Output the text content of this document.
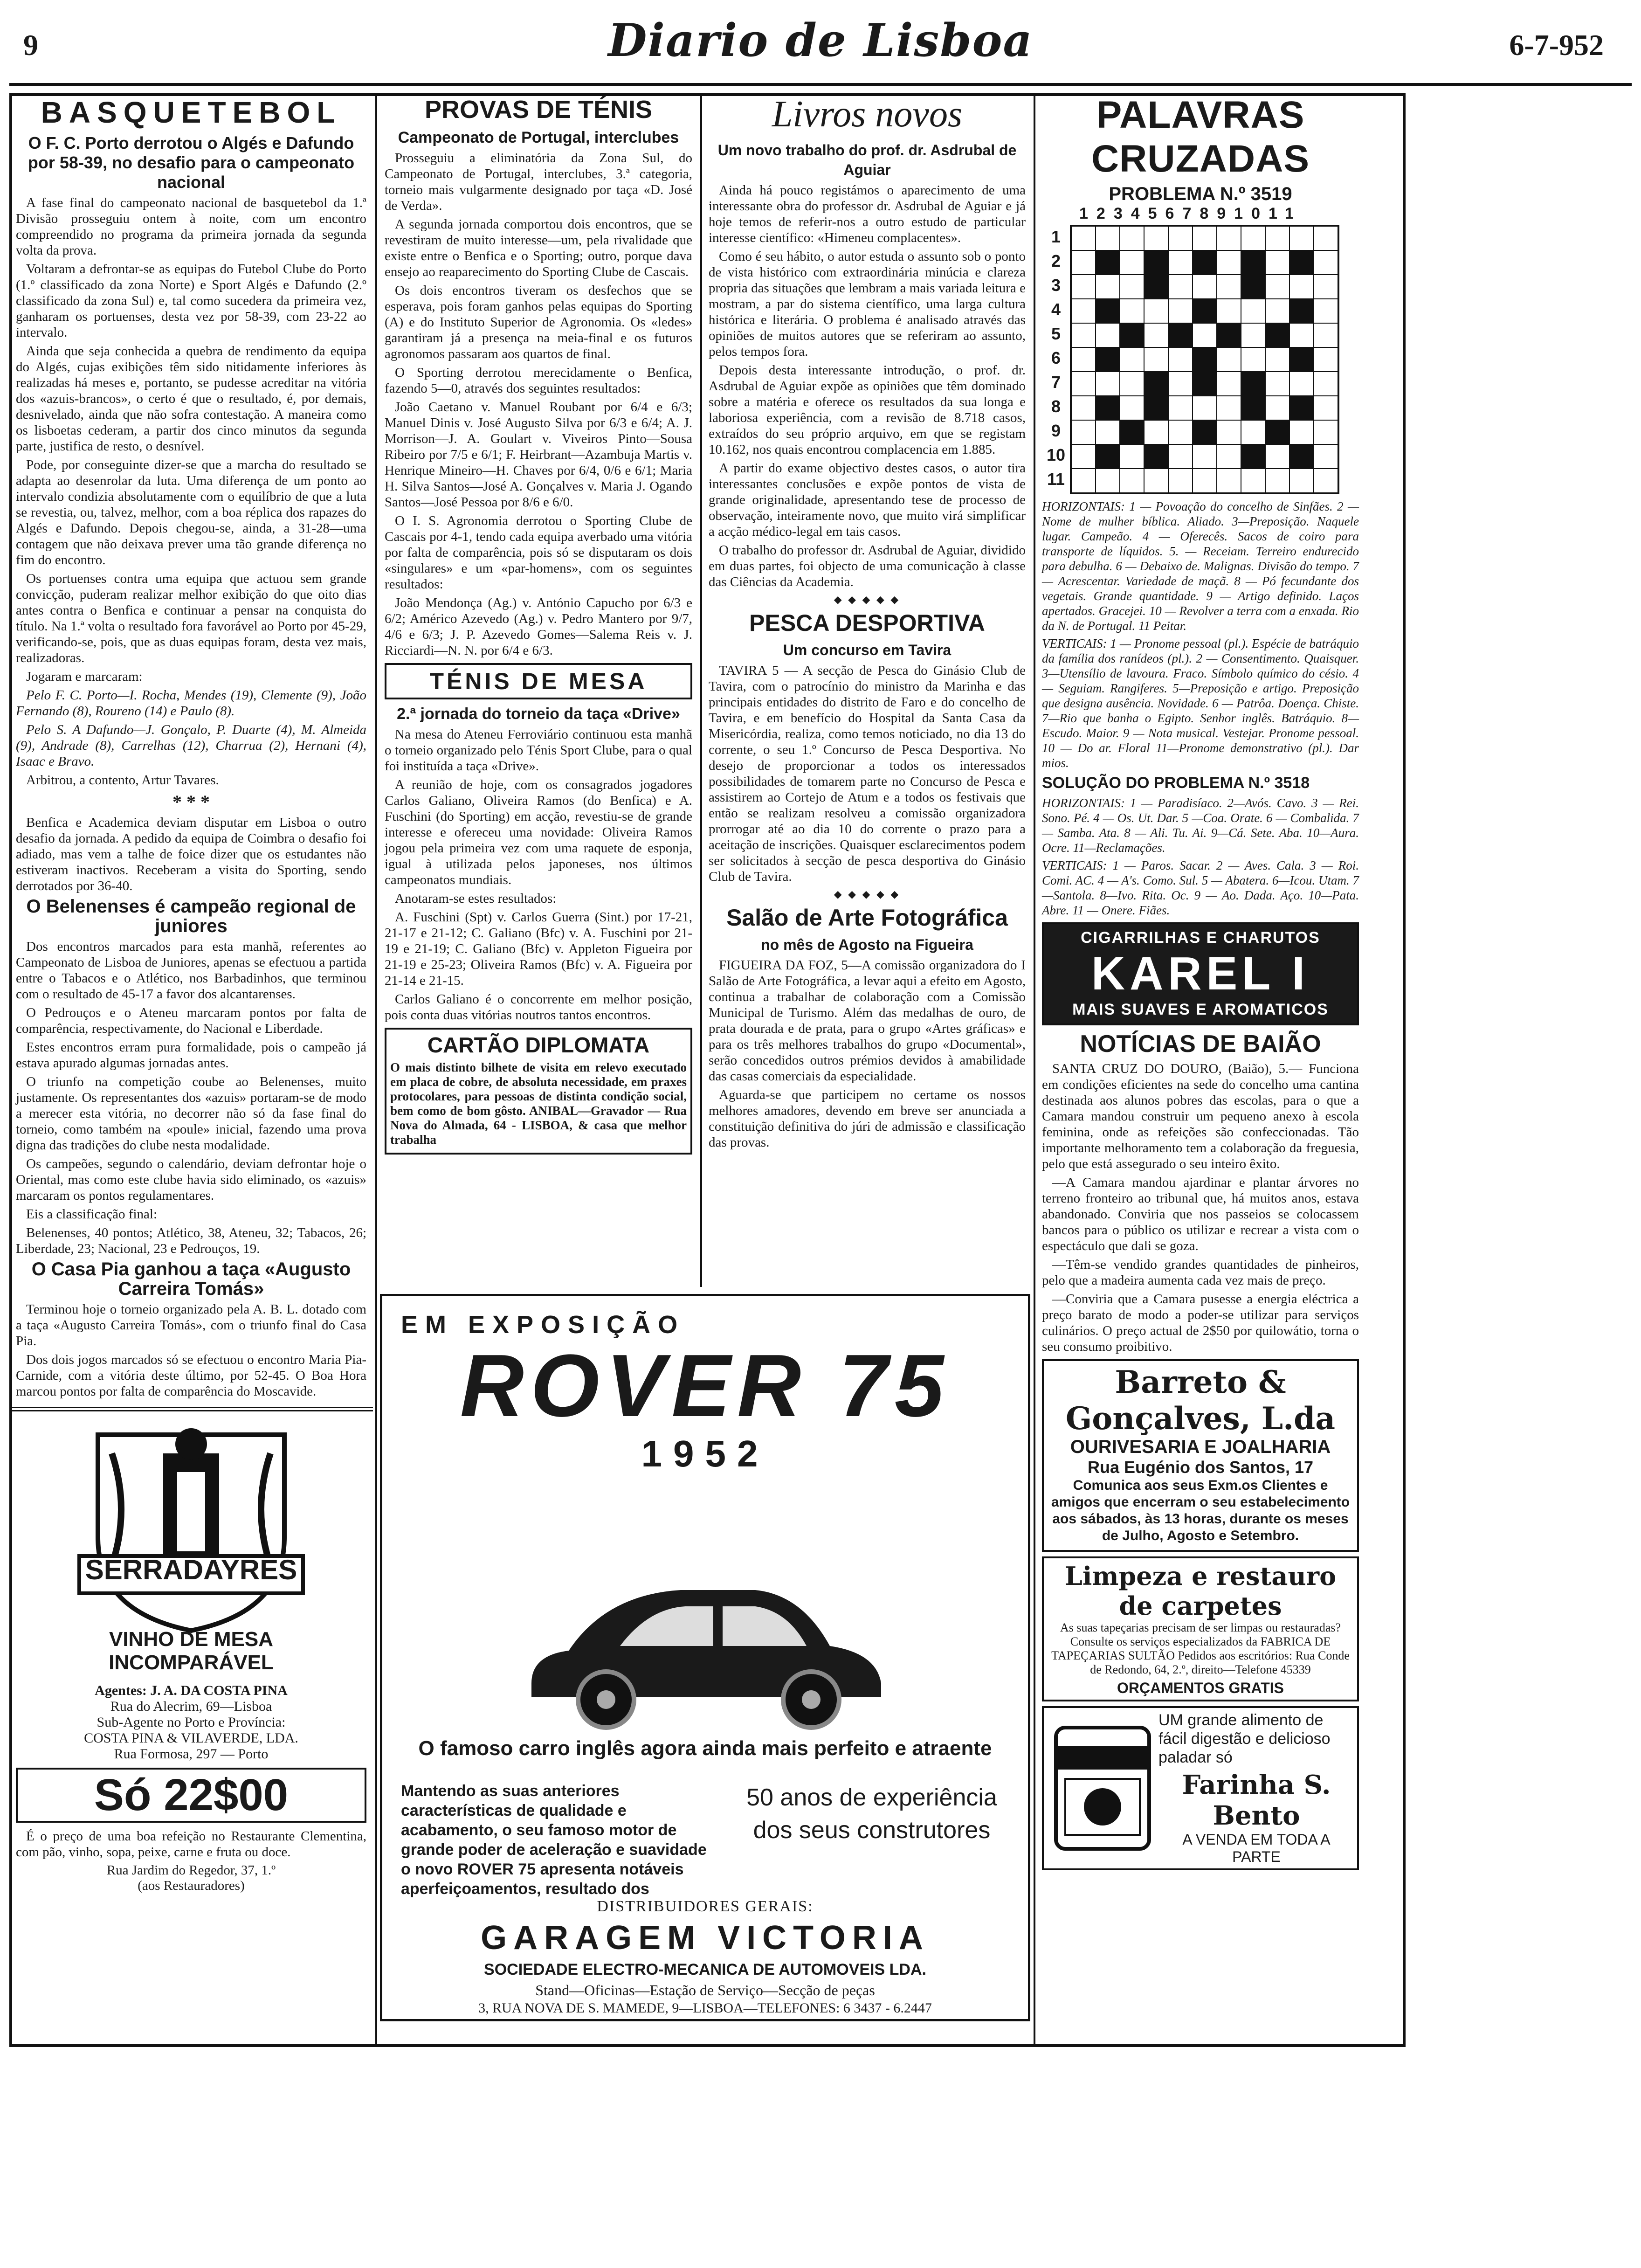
9	Diario de Lisboa	6-7-952
BASQUETEBOL
O F. C. Porto derrotou o Algés e Dafundo por 58-39, no desafio para o campeonato nacional

A fase final do campeonato nacional de basquetebol da 1.ª Divisão prosseguiu ontem à noite, com um encontro compreendido no programa da primeira jornada da segunda volta da prova.

Voltaram a defrontar-se as equipas do Futebol Clube do Porto (1.º classificado da zona Norte) e Sport Algés e Dafundo (2.º classificado da zona Sul) e, tal como sucedera da primeira vez, ganharam os portuenses, desta vez por 58-39, com 23-22 ao intervalo.

Ainda que seja conhecida a quebra de rendimento da equipa do Algés, cujas exibições têm sido nitidamente inferiores às realizadas há meses e, portanto, se pudesse acreditar na vitória dos «azuis-brancos», o certo é que o resultado, é, por demais, desnivelado, ainda que não sofra contestação. A maneira como os lisboetas cederam, a partir dos cinco minutos da segunda parte, justifica de resto, o desnível.

Pode, por conseguinte dizer-se que a marcha do resultado se adapta ao desenrolar da luta. Uma diferença de um ponto ao intervalo condizia absolutamente com o equilíbrio de que a luta se revestia, ou, talvez, melhor, com a boa réplica dos rapazes do Algés e Dafundo. Depois chegou-se, ainda, a 31-28—uma contagem que não deixava prever uma tão grande diferença no fim do encontro.

Os portuenses contra uma equipa que actuou sem grande convicção, puderam realizar melhor exibição do que oito dias antes contra o Benfica e continuar a pensar na conquista do título. Na 1.ª volta o resultado fora favorável ao Porto por 45-29, verificando-se, pois, que as duas equipas foram, desta vez mais, realizadoras.

Jogaram e marcaram:

Pelo F. C. Porto—I. Rocha, Mendes (19), Clemente (9), João Fernando (8), Roureno (14) e Paulo (8).

Pelo S. A Dafundo—J. Gonçalo, P. Duarte (4), M. Almeida (9), Andrade (8), Carrelhas (12), Charrua (2), Hernani (4), Isaac e Bravo.

Arbitrou, a contento, Artur Tavares.

* * *

Benfica e Academica deviam disputar em Lisboa o outro desafio da jornada. A pedido da equipa de Coimbra o desafio foi adiado, mas vem a talhe de foice dizer que os estudantes não estiveram inactivos. Receberam a visita do Sporting, sendo derrotados por 36-40.

O Belenenses é campeão regional de juniores

Dos encontros marcados para esta manhã, referentes ao Campeonato de Lisboa de Juniores, apenas se efectuou a partida entre o Tabacos e o Atlético, nos Barbadinhos, que terminou com o resultado de 45-17 a favor dos alcantarenses.

O Pedrouços e o Ateneu marcaram pontos por falta de comparência, respectivamente, do Nacional e Liberdade.

Estes encontros erram pura formalidade, pois o campeão já estava apurado algumas jornadas antes.

O triunfo na competição coube ao Belenenses, muito justamente. Os representantes dos «azuis» portaram-se de modo a merecer esta vitória, no decorrer não só da fase final do torneio, como também na «poule» inicial, fazendo uma prova digna das tradições do clube nesta modalidade.

Os campeões, segundo o calendário, deviam defrontar hoje o Oriental, mas como este clube havia sido eliminado, os «azuis» marcaram os pontos regulamentares.

Eis a classificação final:

Belenenses, 40 pontos; Atlético, 38, Ateneu, 32; Tabacos, 26; Liberdade, 23; Nacional, 23 e Pedrouços, 19.

O Casa Pia ganhou a taça «Augusto Carreira Tomás»

Terminou hoje o torneio organizado pela A. B. L. dotado com a taça «Augusto Carreira Tomás», com o triunfo final do Casa Pia.

Dos dois jogos marcados só se efectuou o encontro Maria Pia-Carnide, com a vitória deste último, por 52-45. O Boa Hora marcou pontos por falta de comparência do Moscavide.

SERRADAYRES
VINHO DE MESA
INCOMPARÁVEL
Agentes: J. A. DA COSTA PINA
Rua do Alecrim, 69—Lisboa
Sub-Agente no Porto e Província:
COSTA PINA & VILAVERDE, LDA.
Rua Formosa, 297 — Porto
Só 22$00

É o preço de uma boa refeição no Restaurante Clementina, com pão, vinho, sopa, peixe, carne e fruta ou doce.

Rua Jardim do Regedor, 37, 1.º
(aos Restauradores)
PROVAS DE TÉNIS
Campeonato de Portugal, interclubes

Prosseguiu a eliminatória da Zona Sul, do Campeonato de Portugal, interclubes, 3.ª categoria, torneio mais vulgarmente designado por taça «D. José de Verda».

A segunda jornada comportou dois encontros, que se revestiram de muito interesse—um, pela rivalidade que existe entre o Benfica e o Sporting; outro, porque dava ensejo ao reaparecimento do Sporting Clube de Cascais.

Os dois encontros tiveram os desfechos que se esperava, pois foram ganhos pelas equipas do Sporting (A) e do Instituto Superior de Agronomia. Os «ledes» garantiram já a presença na meia-final e os futuros agronomos passaram aos quartos de final.

O Sporting derrotou merecidamente o Benfica, fazendo 5—0, através dos seguintes resultados:

João Caetano v. Manuel Roubant por 6/4 e 6/3; Manuel Dinis v. José Augusto Silva por 6/3 e 6/4; A. J. Morrison—J. A. Goulart v. Viveiros Pinto—Sousa Ribeiro por 7/5 e 6/1; F. Heirbrant—Azambuja Martis v. Henrique Mineiro—H. Chaves por 6/4, 0/6 e 6/1; Maria H. Silva Santos—José A. Gonçalves v. Maria J. Ogando Santos—José Pessoa por 8/6 e 6/0.

O I. S. Agronomia derrotou o Sporting Clube de Cascais por 4-1, tendo cada equipa averbado uma vitória por falta de comparência, pois só se disputaram os dois «singulares» e um «par-homens», com os seguintes resultados:

João Mendonça (Ag.) v. António Capucho por 6/3 e 6/2; Américo Azevedo (Ag.) v. Pedro Mantero por 9/7, 4/6 e 6/3; J. P. Azevedo Gomes—Salema Reis v. J. Ricciardi—N. N. por 6/4 e 6/3.

TÉNIS DE MESA
2.ª jornada do torneio da taça «Drive»

Na mesa do Ateneu Ferroviário continuou esta manhã o torneio organizado pelo Ténis Sport Clube, para o qual foi instituída a taça «Drive».

A reunião de hoje, com os consagrados jogadores Carlos Galiano, Oliveira Ramos (do Benfica) e A. Fuschini (do Sporting) em acção, revestiu-se de grande interesse e ofereceu uma novidade: Oliveira Ramos jogou pela primeira vez com uma raquete de esponja, igual à utilizada pelos japoneses, nos últimos campeonatos mundiais.

Anotaram-se estes resultados:

A. Fuschini (Spt) v. Carlos Guerra (Sint.) por 17-21, 21-17 e 21-12; C. Galiano (Bfc) v. A. Fuschini por 21-19 e 21-19; C. Galiano (Bfc) v. Appleton Figueira por 21-19 e 25-23; Oliveira Ramos (Bfc) v. A. Figueira por 21-14 e 21-15.

Carlos Galiano é o concorrente em melhor posição, pois conta duas vitórias noutros tantos encontros.

CARTÃO DIPLOMATA

O mais distinto bilhete de visita em relevo executado em placa de cobre, de absoluta necessidade, em praxes protocolares, para pessoas de distinta condição social, bem como de bom gôsto. ANIBAL—Gravador — Rua Nova do Almada, 64 - LISBOA, & casa que melhor trabalha

Livros novos
Um novo trabalho do prof. dr. Asdrubal de Aguiar

Ainda há pouco registámos o aparecimento de uma interessante obra do professor dr. Asdrubal de Aguiar e já hoje temos de referir-nos a outro estudo de particular interesse científico: «Himeneu complacentes».

Como é seu hábito, o autor estuda o assunto sob o ponto de vista histórico com extraordinária minúcia e clareza propria das situações que lembram a mais variada leitura e mostram, a par do sistema científico, uma larga cultura histórica e literária. O problema é analisado através das opiniões de muitos autores que se referiram ao assunto, pelos tempos fora.

Depois desta interessante introdução, o prof. dr. Asdrubal de Aguiar expõe as opiniões que têm dominado sobre a matéria e oferece os resultados da sua longa e laboriosa experiência, com a revisão de 8.718 casos, extraídos do seu próprio arquivo, em que se registam 10.162, nos quais encontrou complacencia em 1.885.

A partir do exame objectivo destes casos, o autor tira interessantes conclusões e expõe pontos de vista de grande originalidade, apresentando tese de processo de observação, inteiramente novo, que muito virá simplificar a acção médico-legal em tais casos.

O trabalho do professor dr. Asdrubal de Aguiar, dividido em duas partes, foi objecto de uma comunicação à classe das Ciências da Academia.

◆ ◆ ◆ ◆ ◆
PESCA DESPORTIVA
Um concurso em Tavira

TAVIRA 5 — A secção de Pesca do Ginásio Club de Tavira, com o patrocínio do ministro da Marinha e das principais entidades do distrito de Faro e do concelho de Tavira, e em benefício do Hospital da Santa Casa da Misericórdia, realiza, como temos noticiado, no dia 13 do corrente, o seu 1.º Concurso de Pesca Desportiva. No desejo de proporcionar a todos os interessados possibilidades de tomarem parte no Concurso de Pesca e assistirem ao Cortejo de Atum e a todos os festivais que então se realizam resolveu a comissão organizadora prorrogar até ao dia 10 do corrente o prazo para a aceitação de inscrições. Quaisquer esclarecimentos podem ser solicitados à secção de pesca desportiva do Ginásio Club de Tavira.

◆ ◆ ◆ ◆ ◆
Salão de Arte Fotográfica
no mês de Agosto na Figueira

FIGUEIRA DA FOZ, 5—A comissão organizadora do I Salão de Arte Fotográfica, a levar aqui a efeito em Agosto, continua a trabalhar de colaboração com a Comissão Municipal de Turismo. Além das medalhas de ouro, de prata dourada e de prata, para o grupo «Artes gráficas» e para os três melhores trabalhos do grupo «Documental», serão concedidos outros prémios devidos à amabilidade das casas comerciais da especialidade.

Aguarda-se que participem no certame os nossos melhores amadores, devendo em breve ser anunciada a constituição definitiva do júri de admissão e classificação das provas.

PALAVRAS CRUZADAS
PROBLEMA N.º 3519
1234567891011
1
2
3
4
5
6
7
8
9
10
11

HORIZONTAIS: 1 — Povoação do concelho de Sinfães. 2 — Nome de mulher bíblica. Aliado. 3—Preposição. Naquele lugar. Campeão. 4 — Oferecês. Sacos de coiro para transporte de líquidos. 5. — Receiam. Terreiro endurecido para debulha. 6 — Debaixo de. Malignas. Divisão do tempo. 7 — Acrescentar. Variedade de maçã. 8 — Pó fecundante dos vegetais. Grande quantidade. 9 — Artigo definido. Laços apertados. Gracejei. 10 — Revolver a terra com a enxada. Rio da N. de Portugal. 11 Peitar.

VERTICAIS: 1 — Pronome pessoal (pl.). Espécie de batráquio da família dos ranídeos (pl.). 2 — Consentimento. Quaisquer. 3—Utensílio de lavoura. Fraco. Símbolo químico do césio. 4 — Seguiam. Rangiferes. 5—Preposição e artigo. Preposição que designa ausência. Novidade. 6 — Patrôa. Doença. Chiste. 7—Rio que banha o Egipto. Senhor inglês. Batráquio. 8— Escudo. Maior. 9 — Nota musical. Vestejar. Pronome pessoal. 10 — Do ar. Floral 11—Pronome demonstrativo (pl.). Dar mios.

SOLUÇÃO DO PROBLEMA N.º 3518

HORIZONTAIS: 1 — Paradisíaco. 2—Avós. Cavo. 3 — Rei. Sono. Pé. 4 — Os. Ut. Dar. 5 —Coa. Orate. 6 — Combalida. 7 — Samba. Ata. 8 — Ali. Tu. Ai. 9—Cá. Sete. Aba. 10—Aura. Ocre. 11—Reclamações.

VERTICAIS: 1 — Paros. Sacar. 2 — Aves. Cala. 3 — Roi. Comi. AC. 4 — A's. Como. Sul. 5 — Abatera. 6—Icou. Utam. 7—Santola. 8—Ivo. Rita. Oc. 9 — Ao. Dada. Aço. 10—Pata. Abre. 11 — Onere. Fiães.

CIGARRILHAS E CHARUTOS
KAREL I
MAIS SUAVES E AROMATICOS
NOTÍCIAS DE BAIÃO

SANTA CRUZ DO DOURO, (Baião), 5.— Funciona em condições eficientes na sede do concelho uma cantina destinada aos alunos pobres das escolas, para o que a Camara mandou construir um pequeno anexo à escola feminina, onde as refeições são confeccionadas. Tão importante melhoramento tem a colaboração da freguesia, pelo que está assegurado o seu inteiro êxito.

—A Camara mandou ajardinar e plantar árvores no terreno fronteiro ao tribunal que, há muitos anos, estava abandonado. Conviria que nos passeios se colocassem bancos para o público os utilizar e recrear a vista com o espectáculo que dali se goza.

—Têm-se vendido grandes quantidades de pinheiros, pelo que a madeira aumenta cada vez mais de preço.

—Conviria que a Camara pusesse a energia eléctrica a preço barato de modo a poder-se utilizar para serviços culinários. O preço actual de 2$50 por quilowátio, torna o seu consumo proibitivo.

Barreto & Gonçalves, L.da
OURIVESARIA E JOALHARIA
Rua Eugénio dos Santos, 17

Comunica aos seus Exm.os Clientes e amigos que encerram o seu estabelecimento aos sábados, às 13 horas, durante os meses de Julho, Agosto e Setembro.

Limpeza e restauro de carpetes

As suas tapeçarias precisam de ser limpas ou restauradas? Consulte os serviços especializados da FABRICA DE TAPEÇARIAS SULTÃO Pedidos aos escritórios: Rua Conde de Redondo, 64, 2.º, direito—Telefone 45339

ORÇAMENTOS GRATIS

UM grande alimento de fácil digestão e delicioso paladar só

Farinha S. Bento
A VENDA EM TODA A PARTE
EM EXPOSIÇÃO
ROVER 75
1952
O famoso carro inglês agora ainda mais perfeito e atraente
Mantendo as suas anteriores características de qualidade e acabamento, o seu famoso motor de grande poder de aceleração e suavidade o novo ROVER 75 apresenta notáveis aperfeiçoamentos, resultado dos
50 anos de experiência dos seus construtores
DISTRIBUIDORES GERAIS:
GARAGEM VICTORIA
SOCIEDADE ELECTRO-MECANICA DE AUTOMOVEIS LDA.
Stand—Oficinas—Estação de Serviço—Secção de peças
3, RUA NOVA DE S. MAMEDE, 9—LISBOA—TELEFONES: 6 3437 - 6.2447
